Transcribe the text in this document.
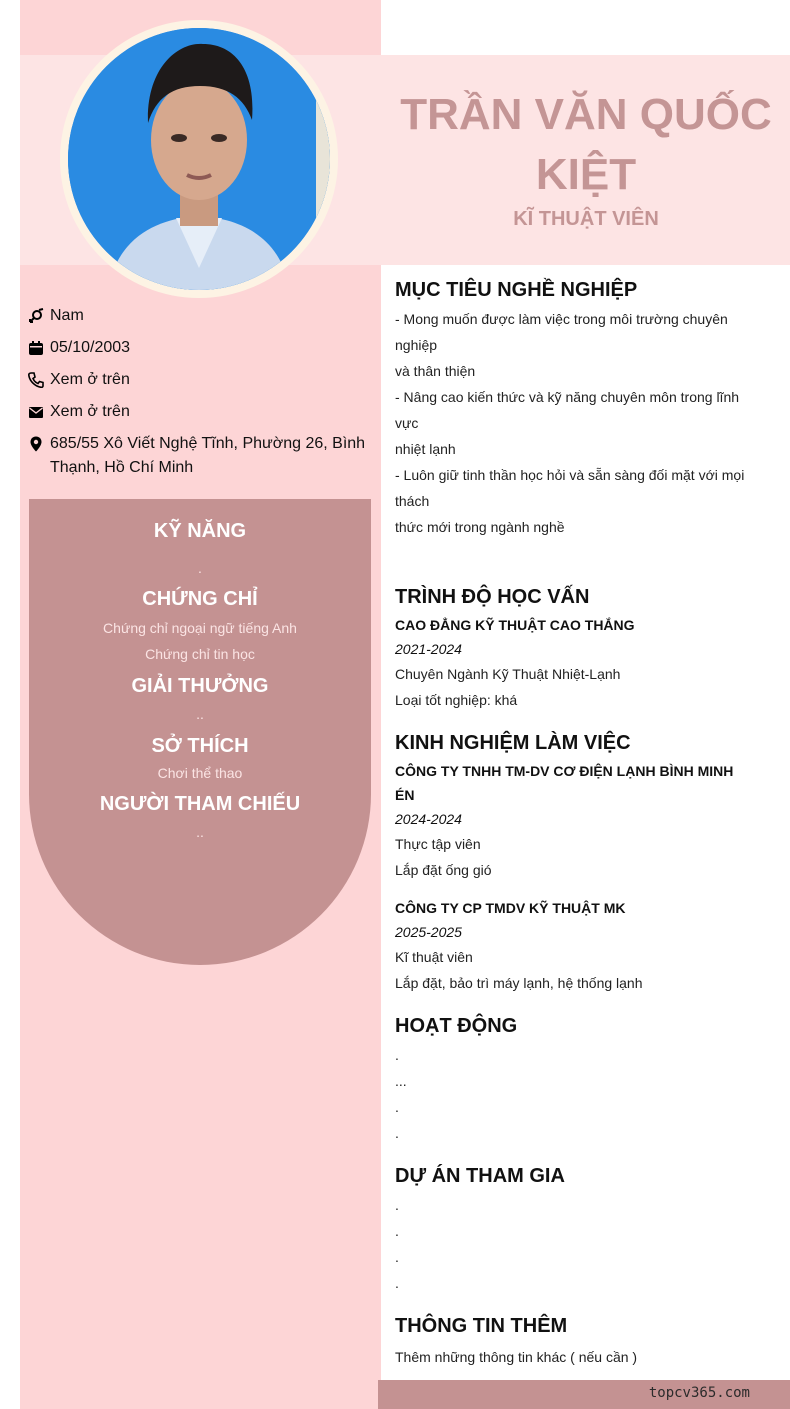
TRẦN VĂN QUỐC
KIỆT
KĨ THUẬT VIÊN
Nam
05/10/2003
Xem ở trên
Xem ở trên
685/55 Xô Viết Nghệ Tĩnh, Phường 26, Bình Thạnh, Hồ Chí Minh
KỸ NĂNG

.

CHỨNG CHỈ

Chứng chỉ ngoại ngữ tiếng Anh

Chứng chỉ tin học

GIẢI THƯỞNG

..

SỞ THÍCH

Chơi thể thao

NGƯỜI THAM CHIẾU

..

MỤC TIÊU NGHỀ NGHIỆP
- Mong muốn được làm việc trong môi trường chuyên
nghiệp
và thân thiện
- Nâng cao kiến thức và kỹ năng chuyên môn trong lĩnh
vực
nhiệt lạnh
- Luôn giữ tinh thần học hỏi và sẵn sàng đối mặt với mọi
thách
thức mới trong ngành nghề
TRÌNH ĐỘ HỌC VẤN
CAO ĐẲNG KỸ THUẬT CAO THẮNG
2021-2024
Chuyên Ngành Kỹ Thuật Nhiệt-Lạnh
Loại tốt nghiệp: khá
KINH NGHIỆM LÀM VIỆC
CÔNG TY TNHH TM-DV CƠ ĐIỆN LẠNH BÌNH MINH ÉN
2024-2024
Thực tập viên
Lắp đặt ống gió
CÔNG TY CP TMDV KỸ THUẬT MK
2025-2025
Kĩ thuật viên
Lắp đặt, bảo trì máy lạnh, hệ thống lạnh
HOẠT ĐỘNG
.
...
.
.
DỰ ÁN THAM GIA
.
.
.
.
THÔNG TIN THÊM
Thêm những thông tin khác ( nếu cần )
topcv365.com
